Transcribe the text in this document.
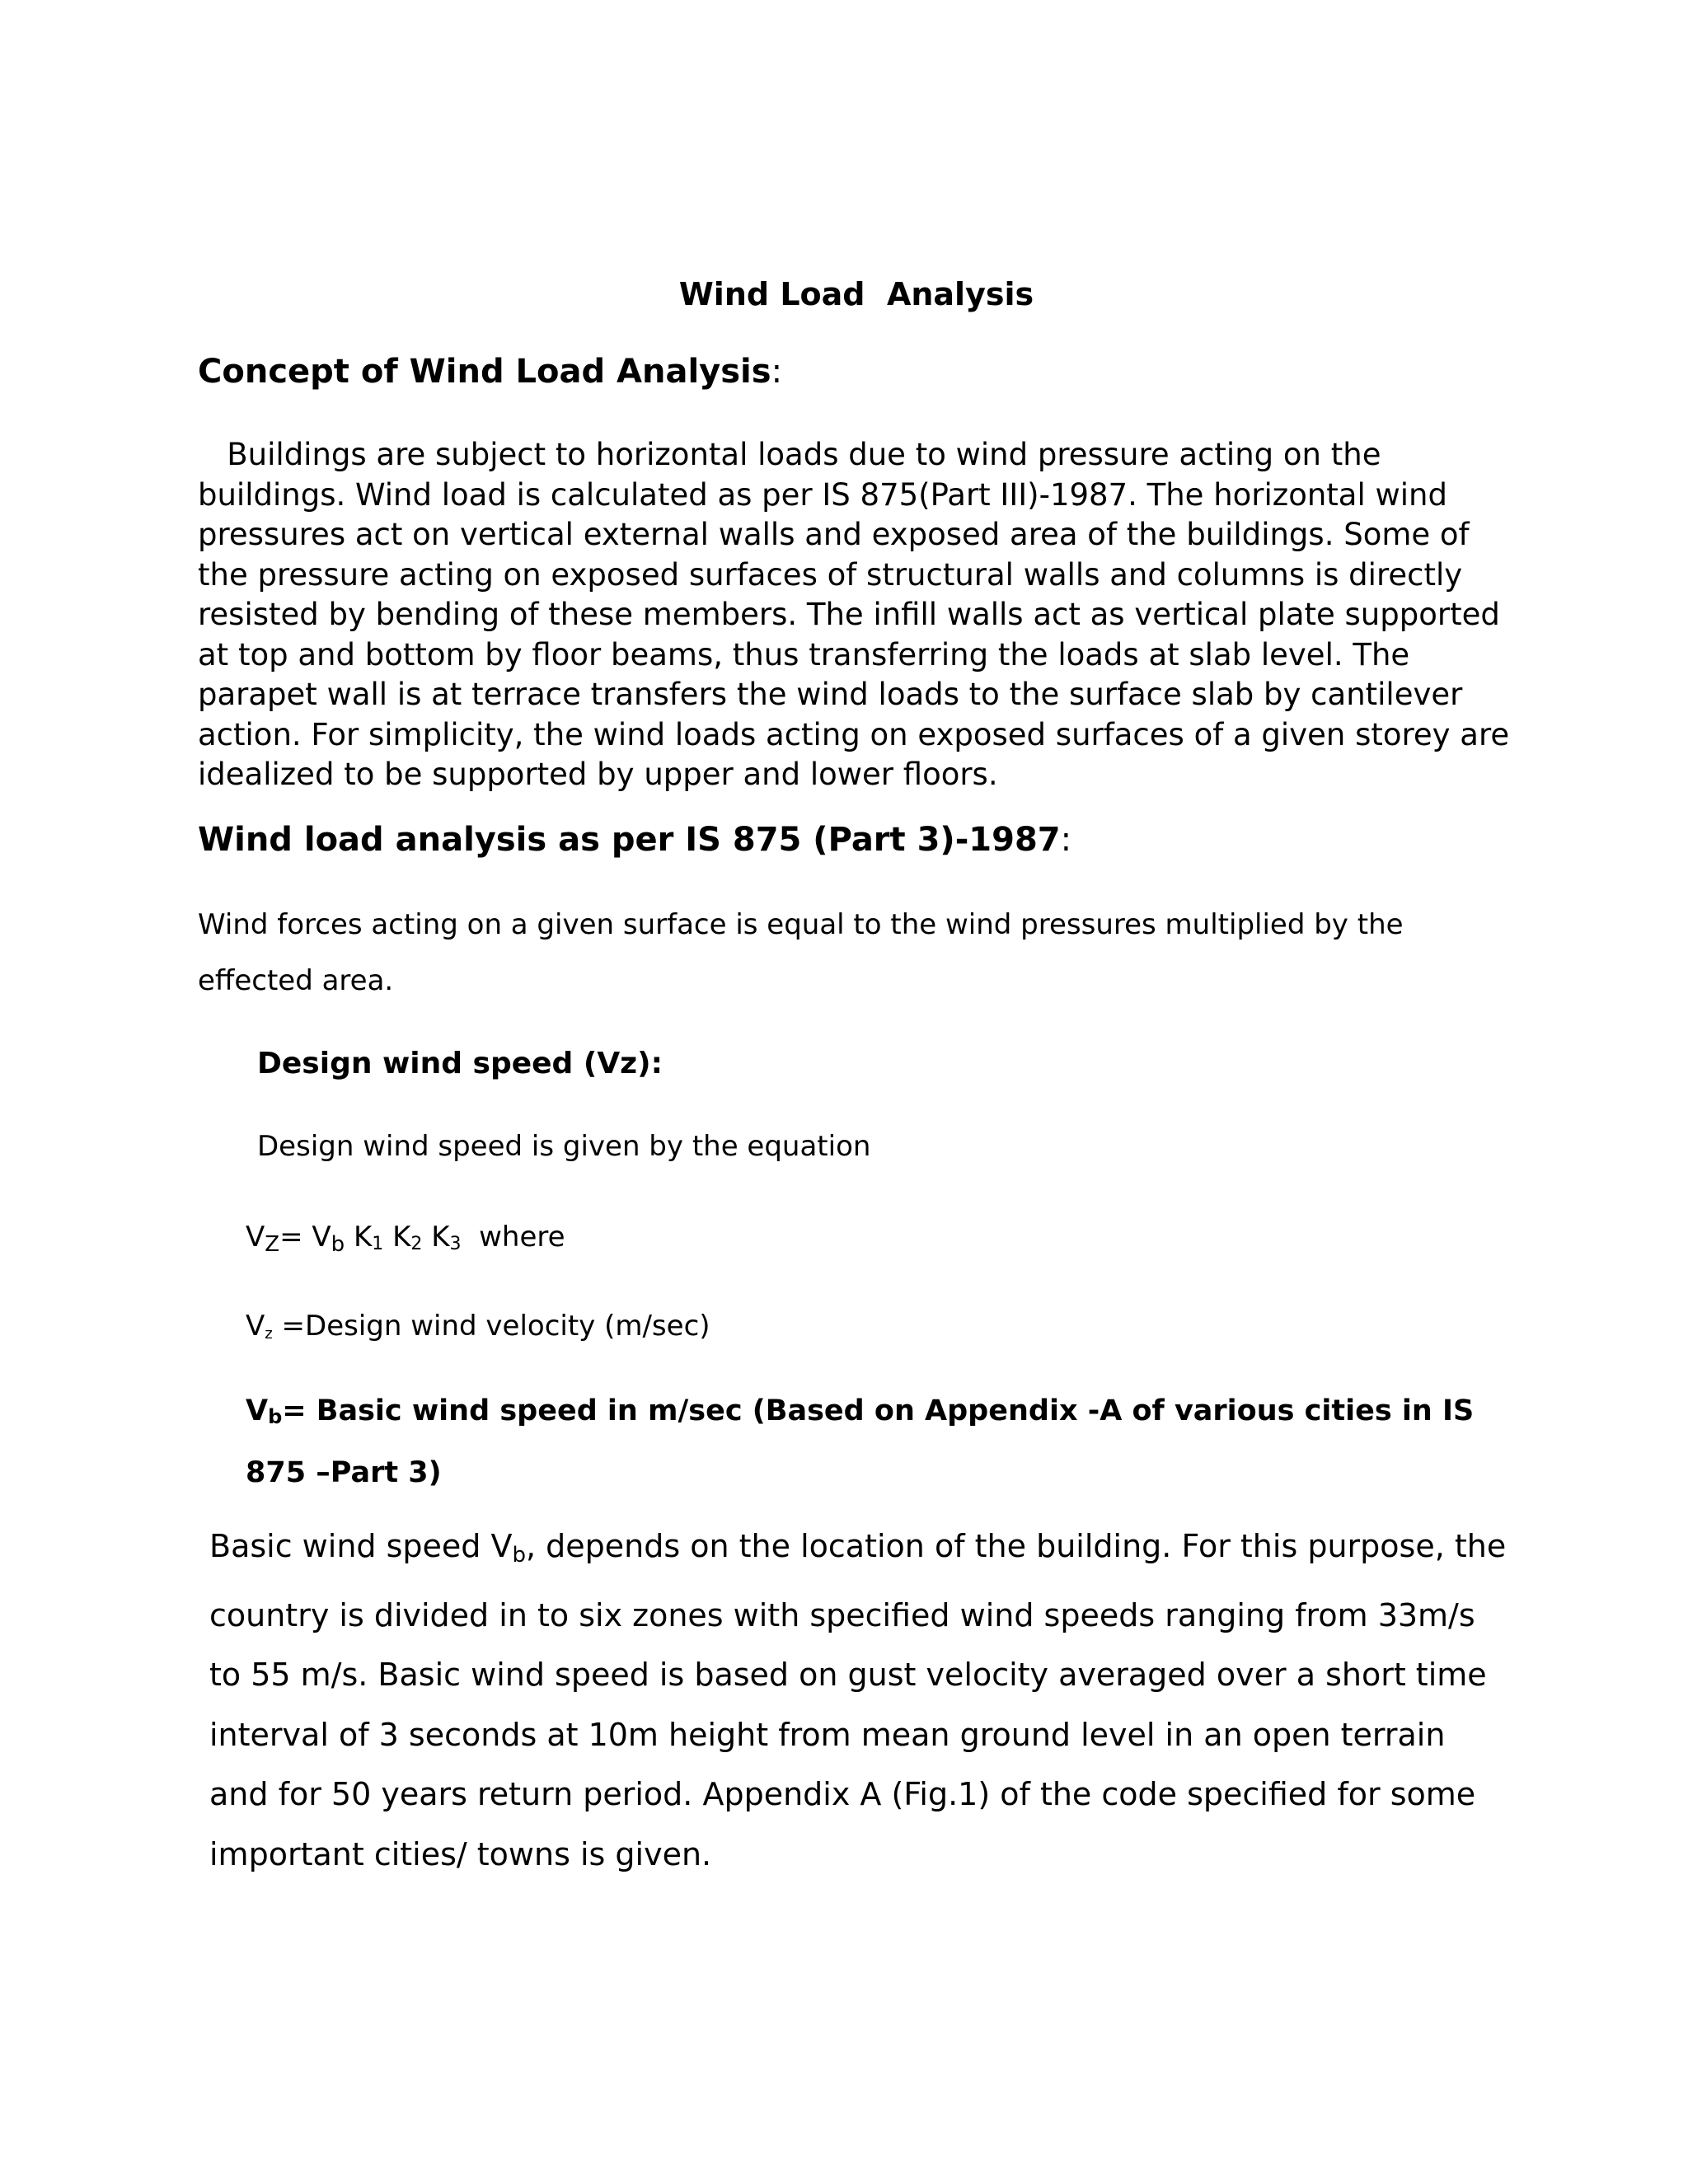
Wind Load  Analysis
Concept of Wind Load Analysis:
Buildings are subject to horizontal loads due to wind pressure acting on the buildings. Wind load is calculated as per IS 875(Part III)-1987. The horizontal wind pressures act on vertical external walls and exposed area of the buildings. Some of the pressure acting on exposed surfaces of structural walls and columns is directly resisted by bending of these members. The infill walls act as vertical plate supported at top and bottom by floor beams, thus transferring the loads at slab level. The parapet wall is at terrace transfers the wind loads to the surface slab by cantilever action. For simplicity, the wind loads acting on exposed surfaces of a given storey are idealized to be supported by upper and lower floors.
Wind load analysis as per IS 875 (Part 3)-1987:
Wind forces acting on a given surface is equal to the wind pressures multiplied by the effected area.
Design wind speed (Vz):
Design wind speed is given by the equation
VZ= Vb K1 K2 K3 where
$V_z$ =Design wind velocity (m/sec)
Vb= Basic wind speed in m/sec (Based on Appendix -A of various cities in IS 875 –Part 3)
Basic wind speed $V_b$, depends on the location of the building. For this purpose, the country is divided in to six zones with specified wind speeds ranging from 33m/s to 55 m/s. Basic wind speed is based on gust velocity averaged over a short time interval of 3 seconds at 10m height from mean ground level in an open terrain and for 50 years return period. Appendix A (Fig.1) of the code specified for some important cities/ towns is given.
